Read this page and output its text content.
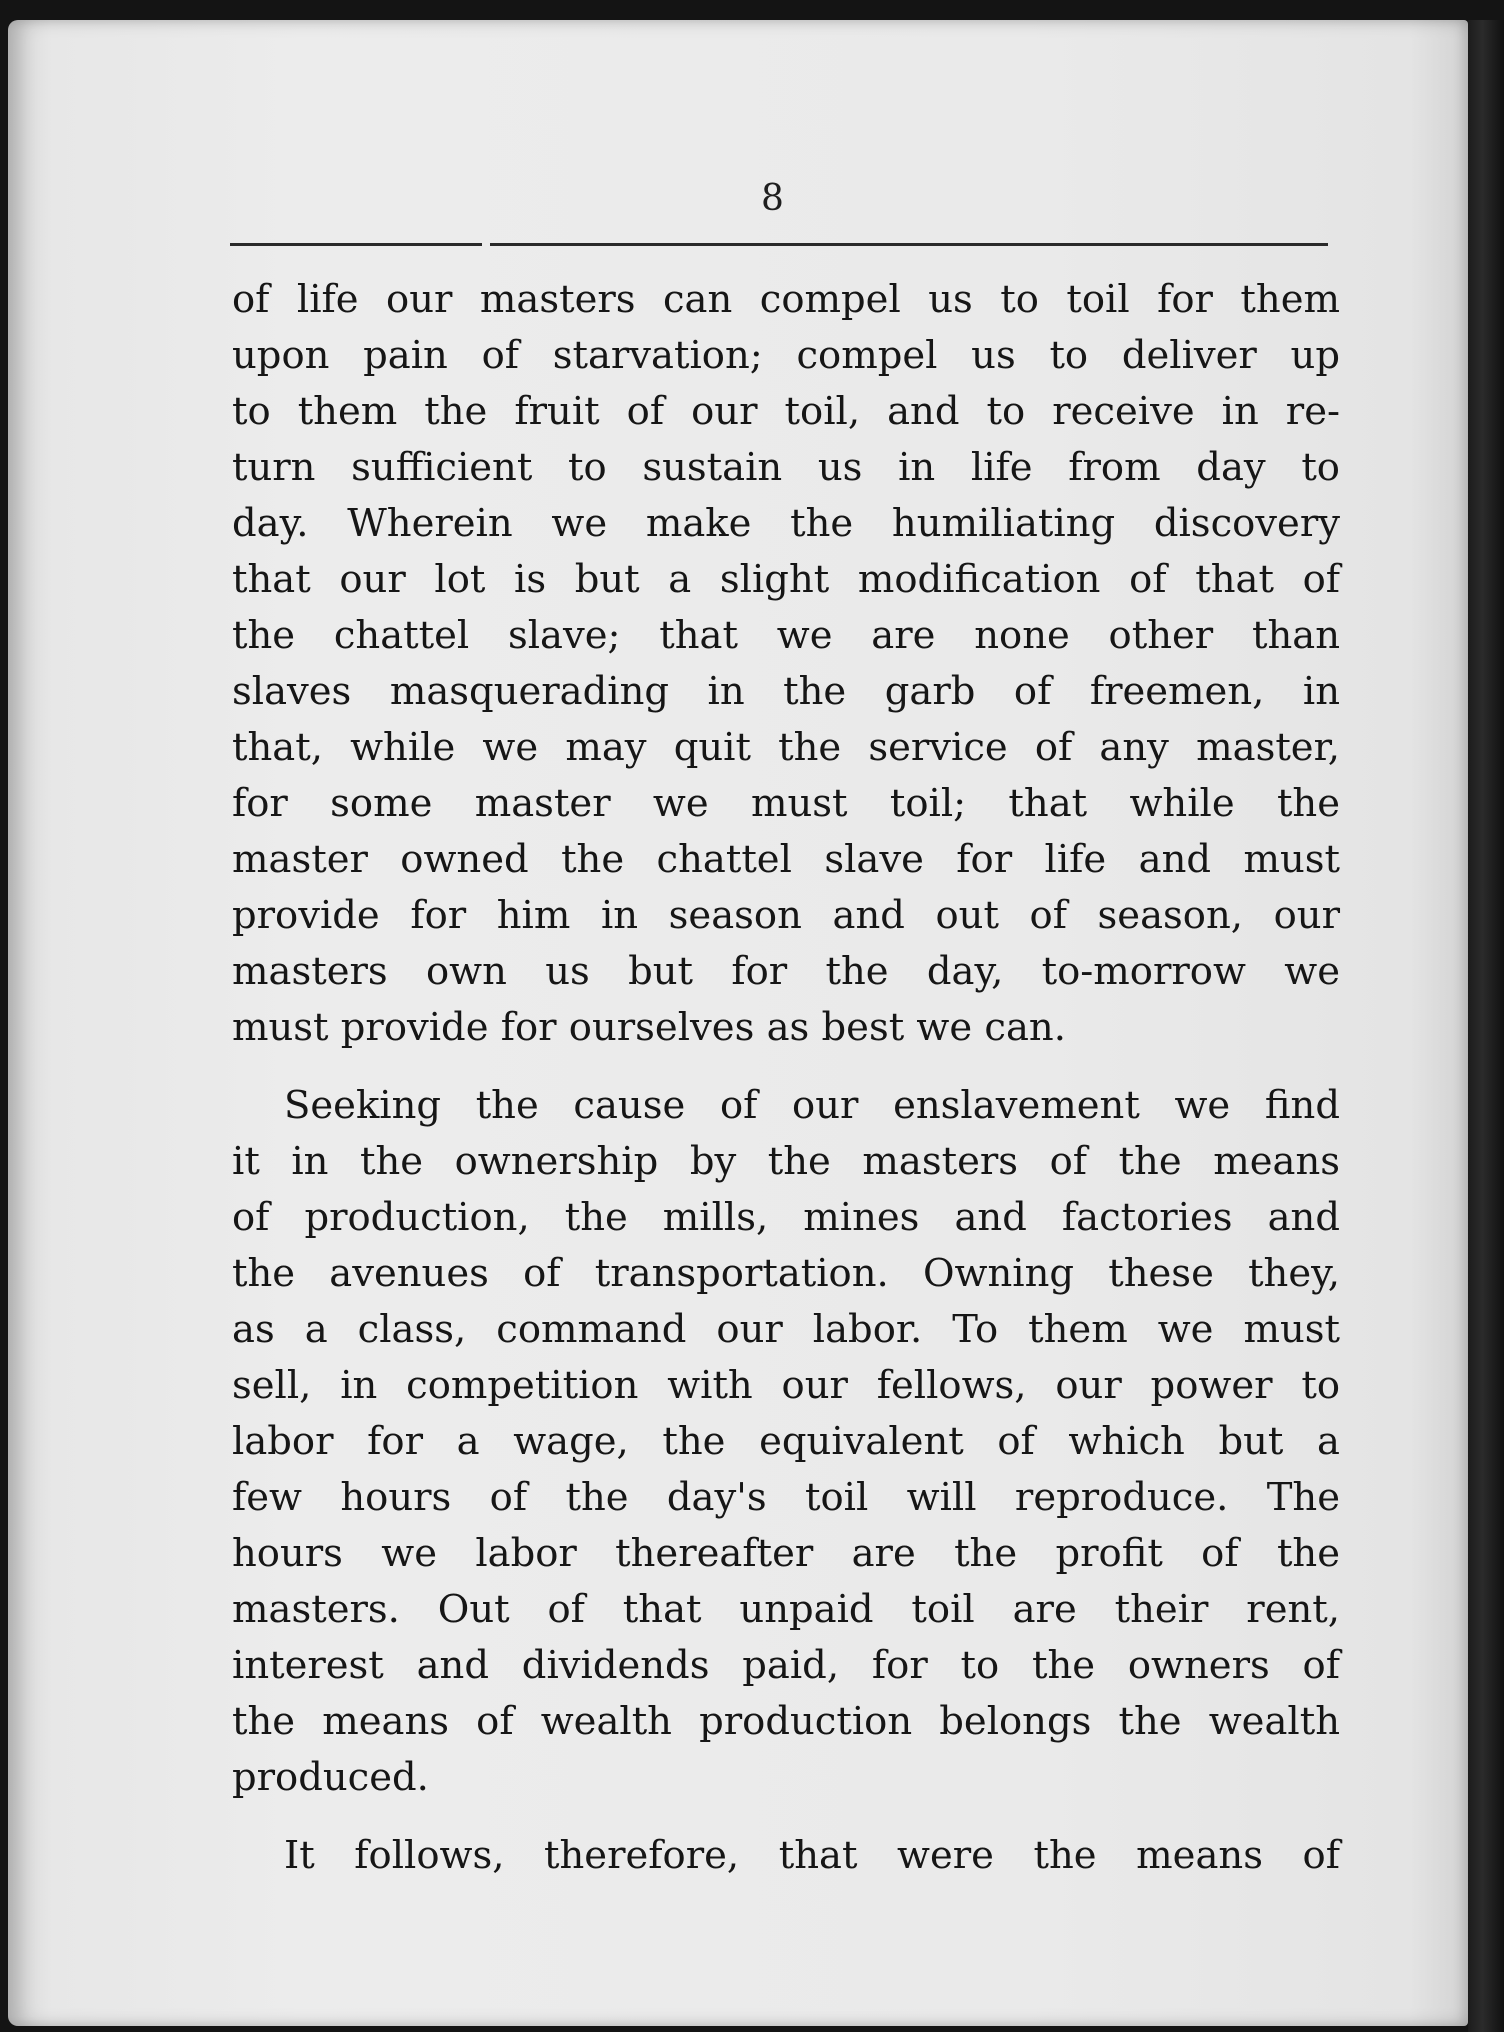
8

of life our masters can compel us to toil for them
upon pain of starvation; compel us to deliver up
to them the fruit of our toil, and to receive in re-
turn sufficient to sustain us in life from day to
day. Wherein we make the humiliating discovery
that our lot is but a slight modification of that of
the chattel slave; that we are none other than
slaves masquerading in the garb of freemen, in
that, while we may quit the service of any master,
for some master we must toil; that while the
master owned the chattel slave for life and must
provide for him in season and out of season, our
masters own us but for the day, to-morrow we
must provide for ourselves as best we can.

Seeking the cause of our enslavement we find
it in the ownership by the masters of the means
of production, the mills, mines and factories and
the avenues of transportation. Owning these they,
as a class, command our labor. To them we must
sell, in competition with our fellows, our power to
labor for a wage, the equivalent of which but a
few hours of the day's toil will reproduce. The
hours we labor thereafter are the profit of the
masters. Out of that unpaid toil are their rent,
interest and dividends paid, for to the owners of
the means of wealth production belongs the wealth
produced.

It follows, therefore, that were the means of
